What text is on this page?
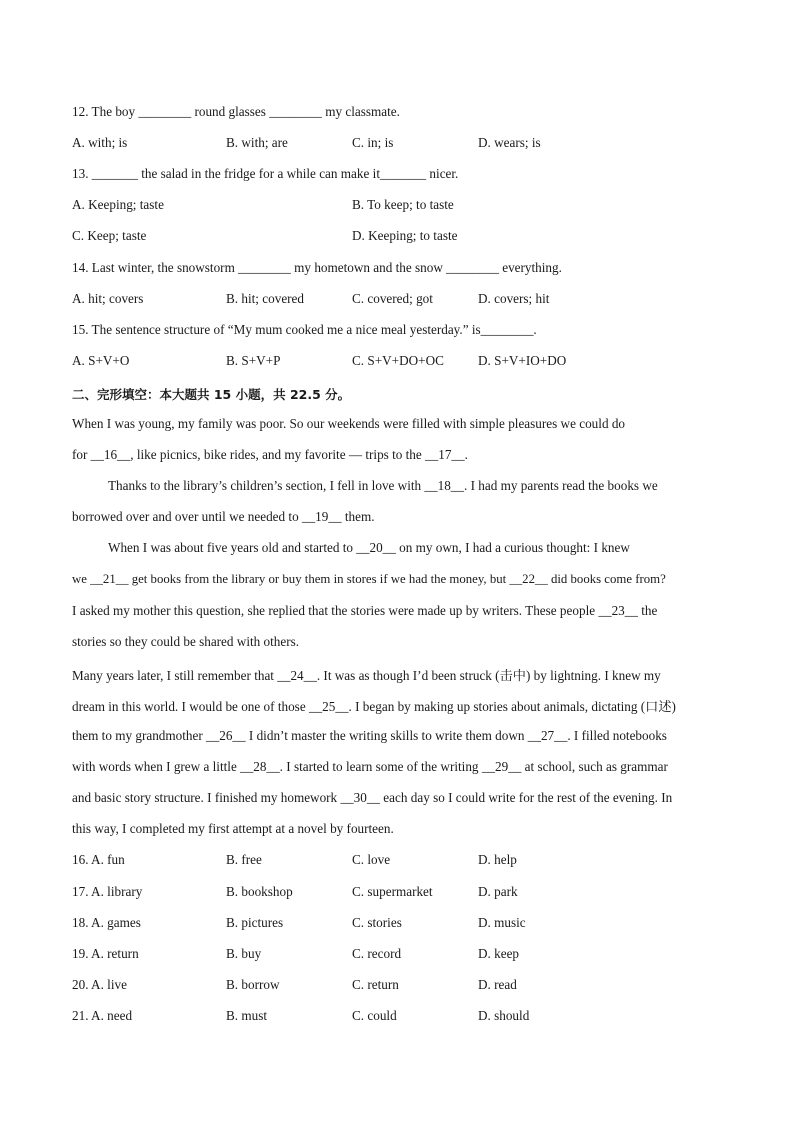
12. The boy ________ round glasses ________ my classmate.
A. with; is	B. with; are	C. in; is	D. wears; is
13. _______ the salad in the fridge for a while can make it_______ nicer.
A. Keeping; taste	B. To keep; to taste
C. Keep; taste	D. Keeping; to taste
14. Last winter, the snowstorm ________ my hometown and the snow ________ everything.
A. hit; covers	B. hit; covered	C. covered; got	D. covers; hit
15. The sentence structure of “My mum cooked me a nice meal yesterday.” is________.
A. S+V+O	B. S+V+P	C. S+V+DO+OC	D. S+V+IO+DO
二、完形填空：本大题共 15 小题，共 22.5 分。
When I was young, my family was poor. So our weekends were filled with simple pleasures we could do
for __16__, like picnics, bike rides, and my favorite — trips to the __17__.
Thanks to the library’s children’s section, I fell in love with __18__. I had my parents read the books we
borrowed over and over until we needed to __19__ them.
When I was about five years old and started to __20__ on my own, I had a curious thought: I knew
we __21__ get books from the library or buy them in stores if we had the money, but __22__ did books come from?
I asked my mother this question, she replied that the stories were made up by writers. These people __23__ the
stories so they could be shared with others.
Many years later, I still remember that __24__. It was as though I’d been struck (击中) by lightning. I knew my
dream in this world. I would be one of those __25__. I began by making up stories about animals, dictating (口述)
them to my grandmother __26__ I didn’t master the writing skills to write them down __27__. I filled notebooks
with words when I grew a little __28__. I started to learn some of the writing __29__ at school, such as grammar
and basic story structure. I finished my homework __30__ each day so I could write for the rest of the evening. In
this way, I completed my first attempt at a novel by fourteen.
16. A. fun	B. free	C. love	D. help
17. A. library	B. bookshop	C. supermarket	D. park
18. A. games	B. pictures	C. stories	D. music
19. A. return	B. buy	C. record	D. keep
20. A. live	B. borrow	C. return	D. read
21. A. need	B. must	C. could	D. should
